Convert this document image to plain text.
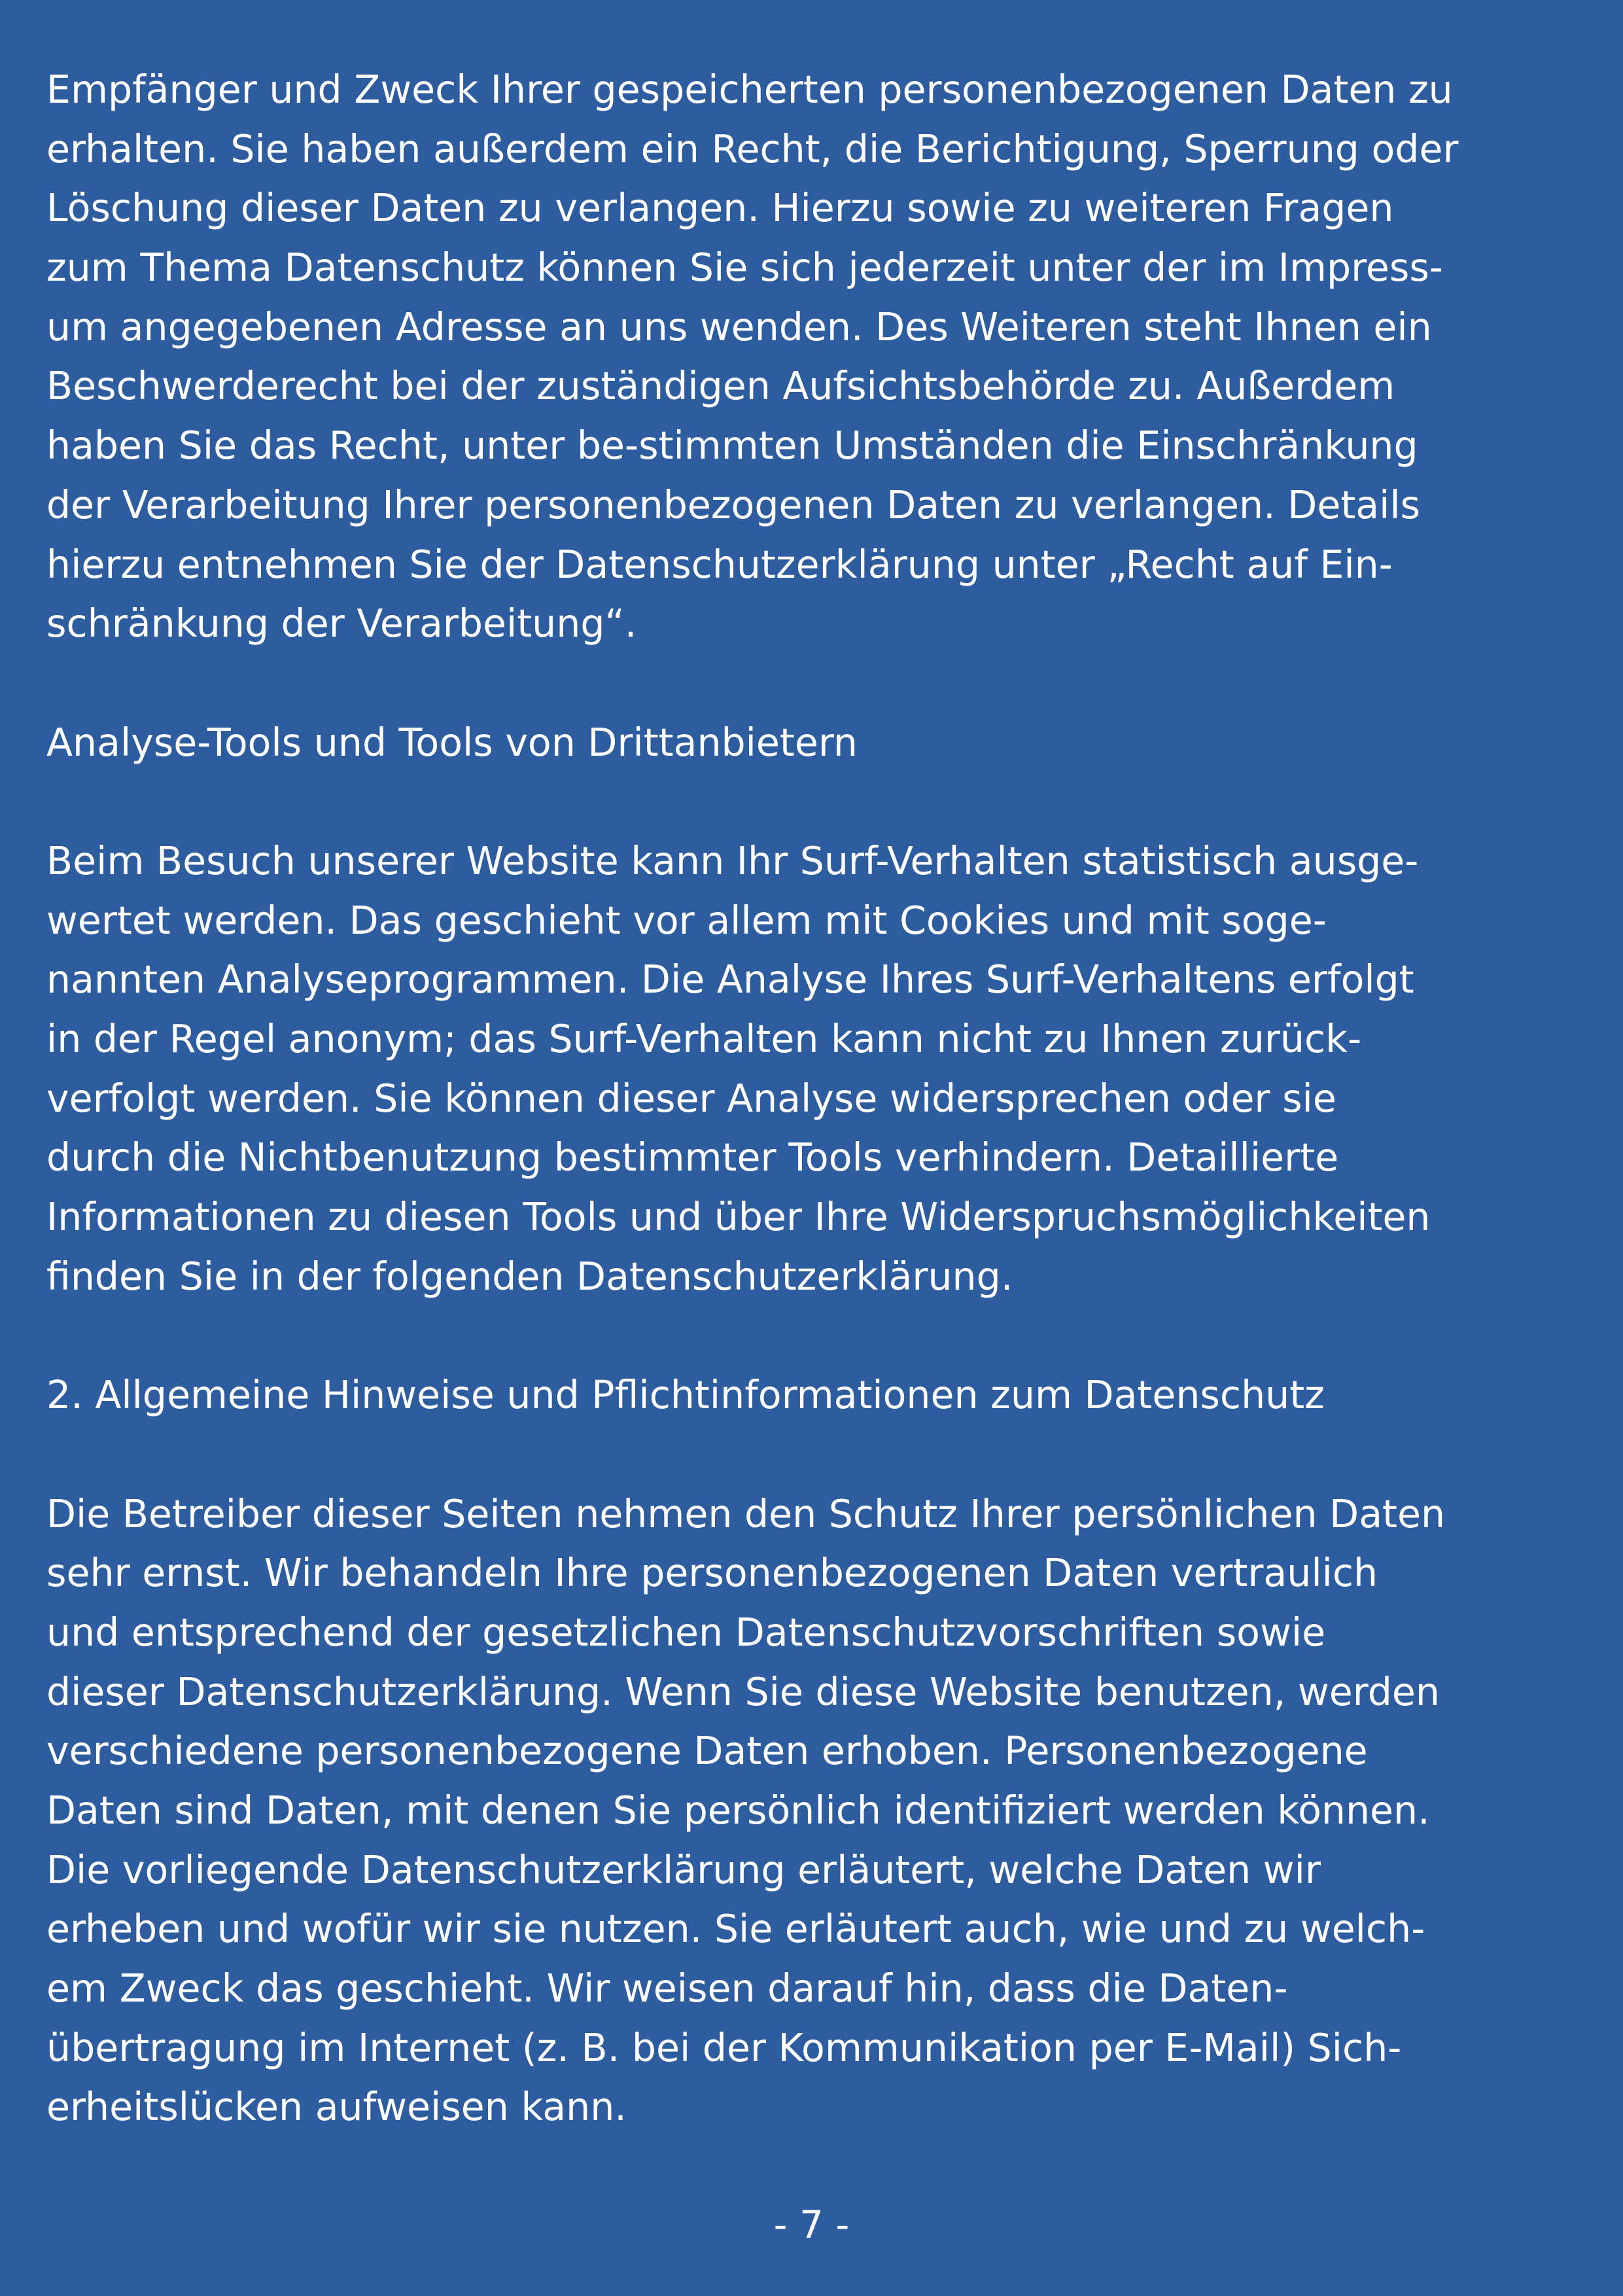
Empfänger und Zweck Ihrer gespeicherten personenbezogenen Daten zu
erhalten. Sie haben außerdem ein Recht, die Berichtigung, Sperrung oder
Löschung dieser Daten zu verlangen. Hierzu sowie zu weiteren Fragen
zum Thema Datenschutz können Sie sich jederzeit unter der im Impress-
um angegebenen Adresse an uns wenden. Des Weiteren steht Ihnen ein
Beschwerderecht bei der zuständigen Aufsichtsbehörde zu. Außerdem
haben Sie das Recht, unter be-stimmten Umständen die Einschränkung
der Verarbeitung Ihrer personenbezogenen Daten zu verlangen. Details
hierzu entnehmen Sie der Datenschutzerklärung unter „Recht auf Ein-
schränkung der Verarbeitung“.
Analyse-Tools und Tools von Drittanbietern
Beim Besuch unserer Website kann Ihr Surf-Verhalten statistisch ausge-
wertet werden. Das geschieht vor allem mit Cookies und mit soge-
nannten Analyseprogrammen. Die Analyse Ihres Surf-Verhaltens erfolgt
in der Regel anonym; das Surf-Verhalten kann nicht zu Ihnen zurück-
verfolgt werden. Sie können dieser Analyse widersprechen oder sie
durch die Nichtbenutzung bestimmter Tools verhindern. Detaillierte
Informationen zu diesen Tools und über Ihre Widerspruchsmöglichkeiten
finden Sie in der folgenden Datenschutzerklärung.
2. Allgemeine Hinweise und Pflichtinformationen zum Datenschutz
Die Betreiber dieser Seiten nehmen den Schutz Ihrer persönlichen Daten
sehr ernst. Wir behandeln Ihre personenbezogenen Daten vertraulich
und entsprechend der gesetzlichen Datenschutzvorschriften sowie
dieser Datenschutzerklärung. Wenn Sie diese Website benutzen, werden
verschiedene personenbezogene Daten erhoben. Personenbezogene
Daten sind Daten, mit denen Sie persönlich identifiziert werden können.
Die vorliegende Datenschutzerklärung erläutert, welche Daten wir
erheben und wofür wir sie nutzen. Sie erläutert auch, wie und zu welch-
em Zweck das geschieht. Wir weisen darauf hin, dass die Daten-
übertragung im Internet (z. B. bei der Kommunikation per E-Mail) Sich-
erheitslücken aufweisen kann.
- 7 -
